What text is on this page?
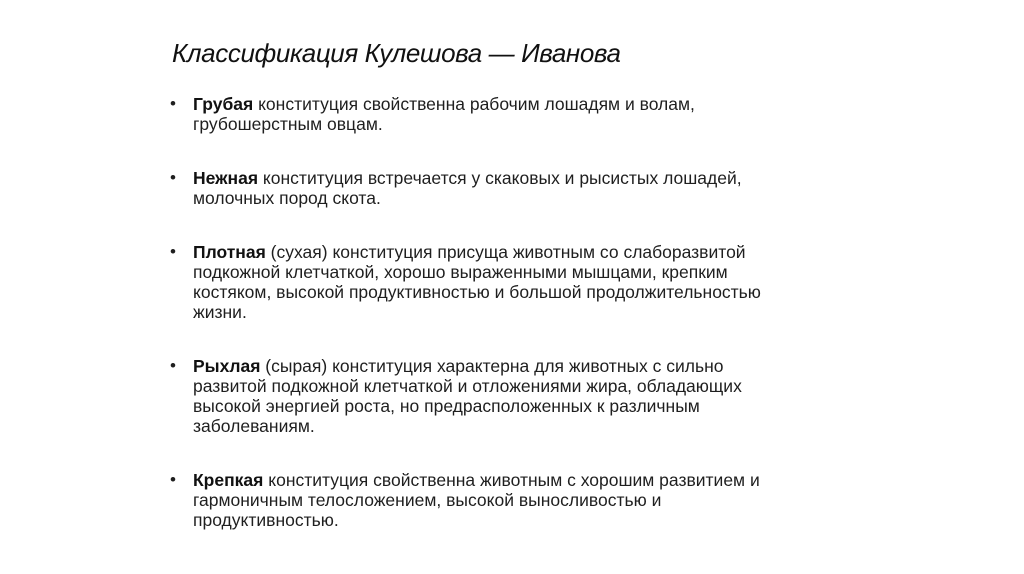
Классификация Кулешова — Иванова
• Грубая конституция свойственна рабочим лошадям и волам,
грубошерстным овцам.
• Нежная конституция встречается у скаковых и рысистых лошадей,
молочных пород скота.
• Плотная (сухая) конституция присуща животным со слаборазвитой
подкожной клетчаткой, хорошо выраженными мышцами, крепким
костяком, высокой продуктивностью и большой продолжительностью
жизни.
• Рыхлая (сырая) конституция характерна для животных с сильно
развитой подкожной клетчаткой и отложениями жира, обладающих
высокой энергией роста, но предрасположенных к различным
заболеваниям.
• Крепкая конституция свойственна животным с хорошим развитием и
гармоничным телосложением, высокой выносливостью и
продуктивностью.
